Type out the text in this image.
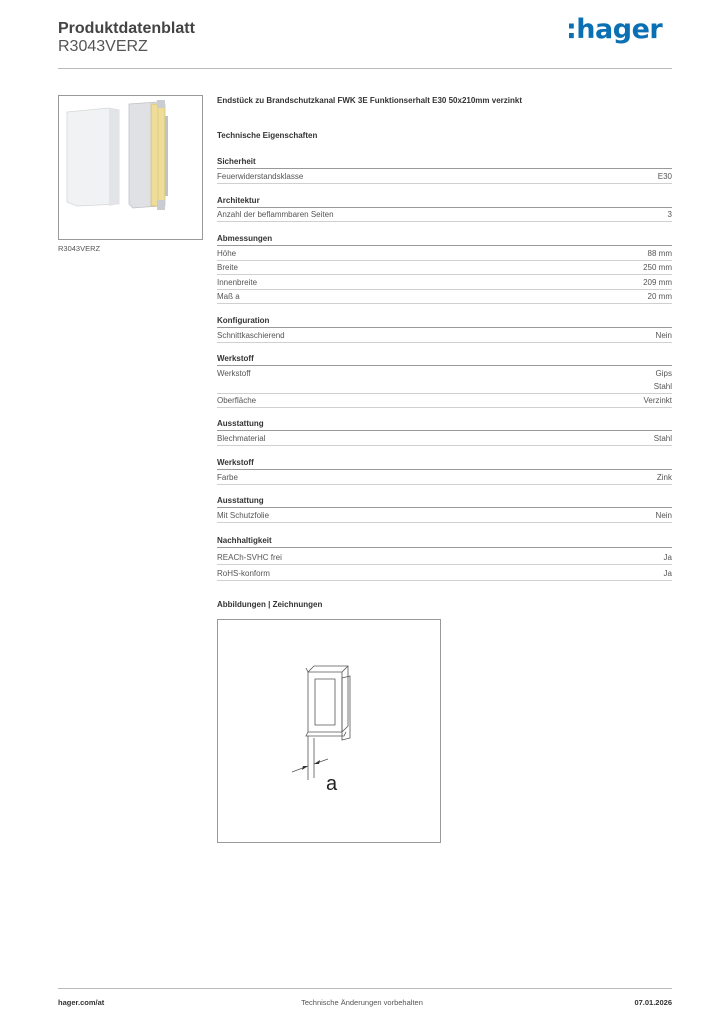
Produktdatenblatt
R3043VERZ
:hager
R3043VERZ
Endstück zu Brandschutzkanal FWK 3E Funktionserhalt E30 50x210mm verzinkt
Technische Eigenschaften
Sicherheit
Feuerwiderstandsklasse	E30
Architektur
Anzahl der beflammbaren Seiten	3
Abmessungen
Höhe	88 mm
Breite	250 mm
Innenbreite	209 mm
Maß a	20 mm
Konfiguration
Schnittkaschierend	Nein
Werkstoff
Werkstoff	Gips
Stahl
Oberfläche	Verzinkt
Ausstattung
Blechmaterial	Stahl
Werkstoff
Farbe	Zink
Ausstattung
Mit Schutzfolie	Nein
Nachhaltigkeit
REACh-SVHC frei	Ja
RoHS-konform	Ja
Abbildungen | Zeichnungen
a
hager.com/at	Technische Änderungen vorbehalten	07.01.2026
